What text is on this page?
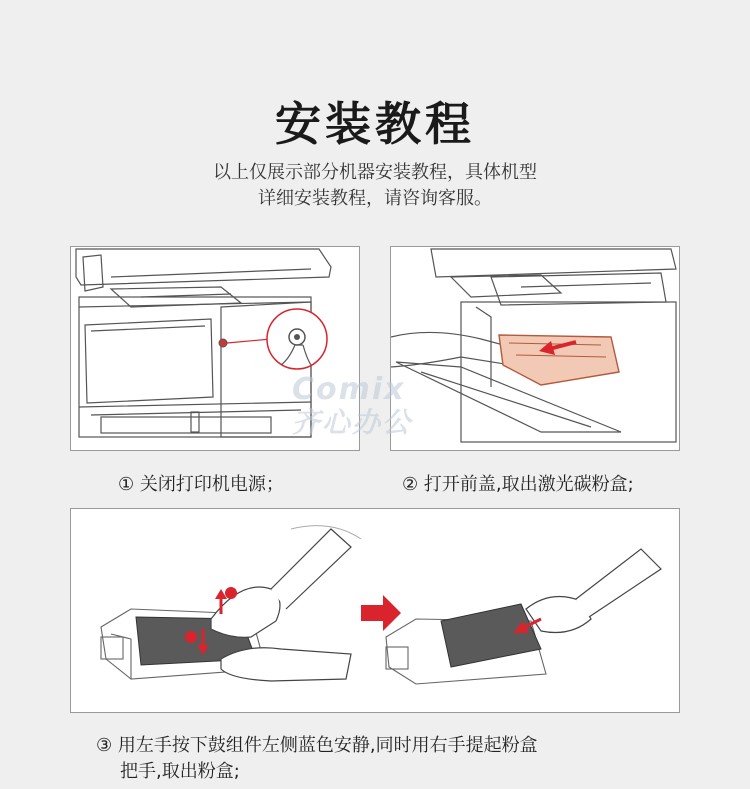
安装教程
以上仅展示部分机器安装教程，具体机型
详细安装教程，请咨询客服。
Comix
齐心办公
① 关闭打印机电源；	② 打开前盖,取出激光碳粉盒;
③ 用左手按下鼓组件左侧蓝色安静,同时用右手提起粉盒
把手,取出粉盒;
